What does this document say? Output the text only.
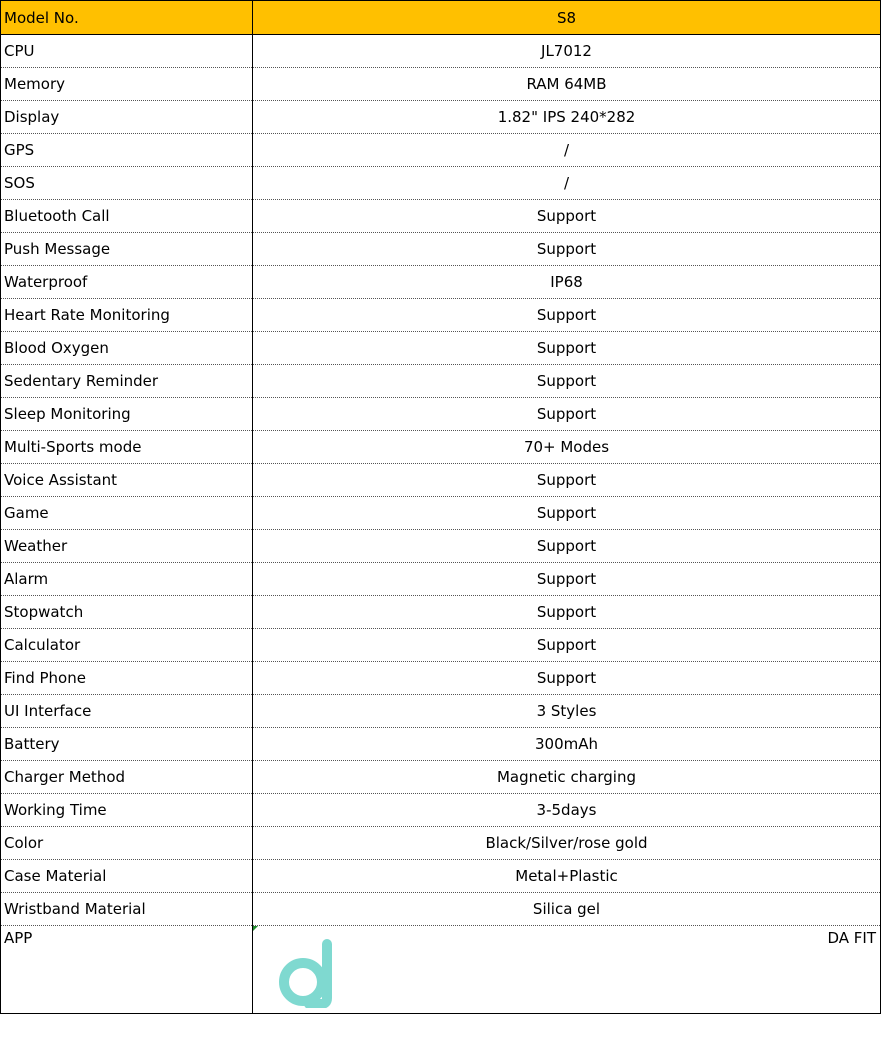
Model No.	S8
CPU	JL7012
Memory	RAM 64MB
Display	1.82" IPS 240*282
GPS	/
SOS	/
Bluetooth Call	Support
Push Message	Support
Waterproof	IP68
Heart Rate Monitoring	Support
Blood Oxygen	Support
Sedentary Reminder	Support
Sleep Monitoring	Support
Multi-Sports mode	70+ Modes
Voice Assistant	Support
Game	Support
Weather	Support
Alarm	Support
Stopwatch	Support
Calculator	Support
Find Phone	Support
UI Interface	3 Styles
Battery	300mAh
Charger Method	Magnetic charging
Working Time	3-5days
Color	Black/Silver/rose gold
Case Material	Metal+Plastic
Wristband Material	Silica gel
APP	DA FIT
